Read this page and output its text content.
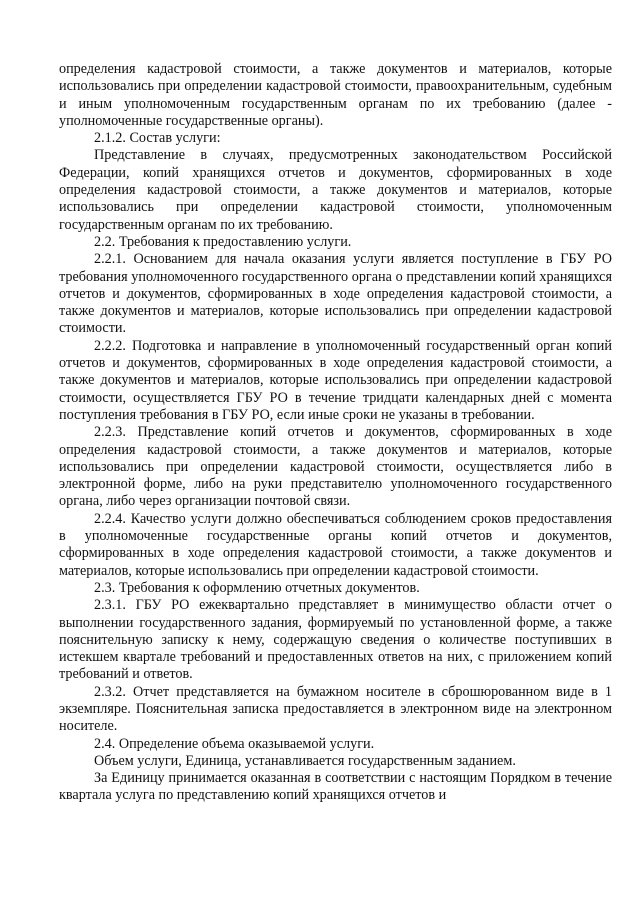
определения кадастровой стоимости, а также документов и материалов, которые использовались при определении кадастровой стоимости, правоохранительным, судебным и иным уполномоченным государственным органам по их требованию (далее - уполномоченные государственные органы).

2.1.2. Состав услуги:

Представление в случаях, предусмотренных законодательством Российской Федерации, копий хранящихся отчетов и документов, сформированных в ходе определения кадастровой стоимости, а также документов и материалов, которые использовались при определении кадастровой стоимости, уполномоченным государственным органам по их требованию.

2.2. Требования к предоставлению услуги.

2.2.1. Основанием для начала оказания услуги является поступление в ГБУ РО требования уполномоченного государственного органа о представлении копий хранящихся отчетов и документов, сформированных в ходе определения кадастровой стоимости, а также документов и материалов, которые использовались при определении кадастровой стоимости.

2.2.2. Подготовка и направление в уполномоченный государственный орган копий отчетов и документов, сформированных в ходе определения кадастровой стоимости, а также документов и материалов, которые использовались при определении кадастровой стоимости, осуществляется ГБУ РО в течение тридцати календарных дней с момента поступления требования в ГБУ РО, если иные сроки не указаны в требовании.

2.2.3. Представление копий отчетов и документов, сформированных в ходе определения кадастровой стоимости, а также документов и материалов, которые использовались при определении кадастровой стоимости, осуществляется либо в электронной форме, либо на руки представителю уполномоченного государственного органа, либо через организации почтовой связи.

2.2.4. Качество услуги должно обеспечиваться соблюдением сроков предоставления в уполномоченные государственные органы копий отчетов и документов, сформированных в ходе определения кадастровой стоимости, а также документов и материалов, которые использовались при определении кадастровой стоимости.

2.3. Требования к оформлению отчетных документов.

2.3.1. ГБУ РО ежеквартально представляет в минимущество области отчет о выполнении государственного задания, формируемый по установленной форме, а также пояснительную записку к нему, содержащую сведения о количестве поступивших в истекшем квартале требований и предоставленных ответов на них, с приложением копий требований и ответов.

2.3.2. Отчет представляется на бумажном носителе в сброшюрованном виде в 1 экземпляре. Пояснительная записка предоставляется в электронном виде на электронном носителе.

2.4. Определение объема оказываемой услуги.

Объем услуги, Единица, устанавливается государственным заданием.

За Единицу принимается оказанная в соответствии с настоящим Порядком в течение квартала услуга по представлению копий хранящихся отчетов и
